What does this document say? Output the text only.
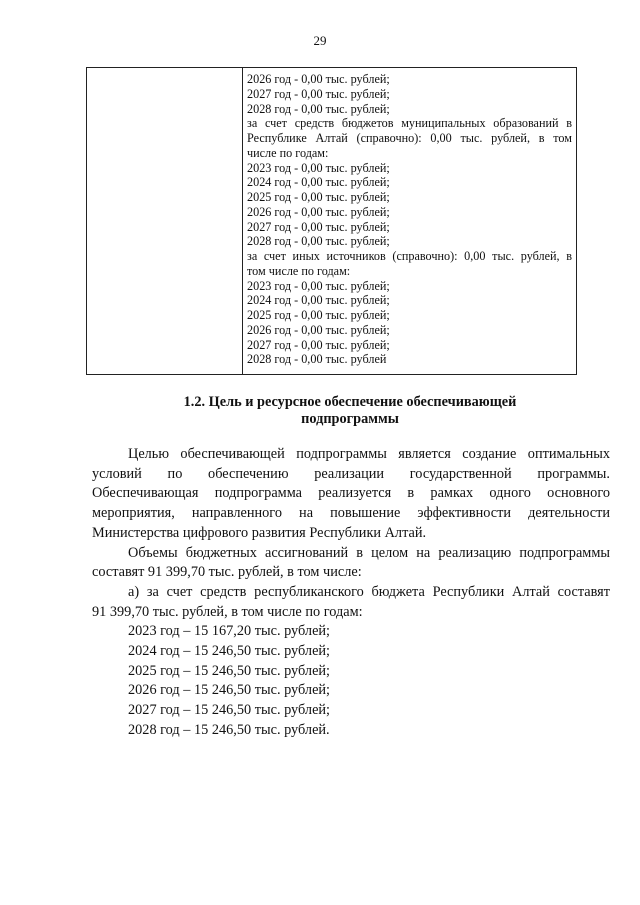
29
2026 год - 0,00 тыс. рублей;
2027 год - 0,00 тыс. рублей;
2028 год - 0,00 тыс. рублей;
за счет средств бюджетов муниципальных образований в
Республике Алтай (справочно): 0,00 тыс. рублей, в том
числе по годам:
2023 год - 0,00 тыс. рублей;
2024 год - 0,00 тыс. рублей;
2025 год - 0,00 тыс. рублей;
2026 год - 0,00 тыс. рублей;
2027 год - 0,00 тыс. рублей;
2028 год - 0,00 тыс. рублей;
за счет иных источников (справочно): 0,00 тыс. рублей, в
том числе по годам:
2023 год - 0,00 тыс. рублей;
2024 год - 0,00 тыс. рублей;
2025 год - 0,00 тыс. рублей;
2026 год - 0,00 тыс. рублей;
2027 год - 0,00 тыс. рублей;
2028 год - 0,00 тыс. рублей
1.2. Цель и ресурсное обеспечение обеспечивающей
подпрограммы
Целью обеспечивающей подпрограммы является создание оптимальных
условий по обеспечению реализации государственной программы.
Обеспечивающая подпрограмма реализуется в рамках одного основного
мероприятия, направленного на повышение эффективности деятельности
Министерства цифрового развития Республики Алтай.
Объемы бюджетных ассигнований в целом на реализацию подпрограммы
составят 91 399,70 тыс. рублей, в том числе:
а) за счет средств республиканского бюджета Республики Алтай составят
91 399,70 тыс. рублей, в том числе по годам:
2023 год – 15 167,20 тыс. рублей;
2024 год – 15 246,50 тыс. рублей;
2025 год – 15 246,50 тыс. рублей;
2026 год – 15 246,50 тыс. рублей;
2027 год – 15 246,50 тыс. рублей;
2028 год – 15 246,50 тыс. рублей.
